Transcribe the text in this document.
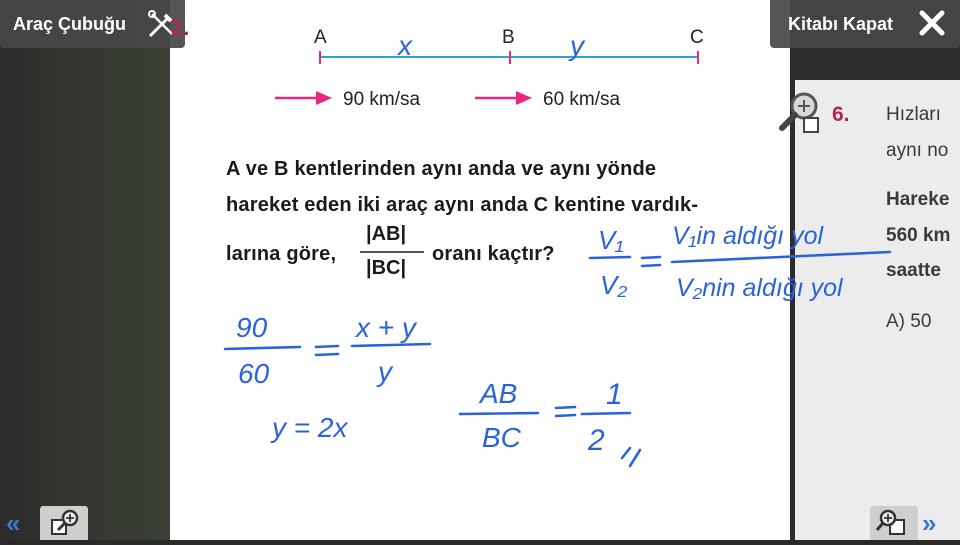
Araç Çubuğu	Kitabı Kapat
2.	A	B	C
90 km/sa	60 km/sa
A ve B kentlerinden aynı anda ve aynı yönde
hareket eden iki araç aynı anda C kentine vardık-
larına göre,
|AB|
|BC|
oranı kaçtır?
6. Hızları
aynı no
Hareke
560 km
saatte
A) 50
x	y
V₁
V₂
V₁in aldığı yol
V₂nin aldığı yol
90
60
x + y
y
y = 2x
AB
BC
1
2
«	»
